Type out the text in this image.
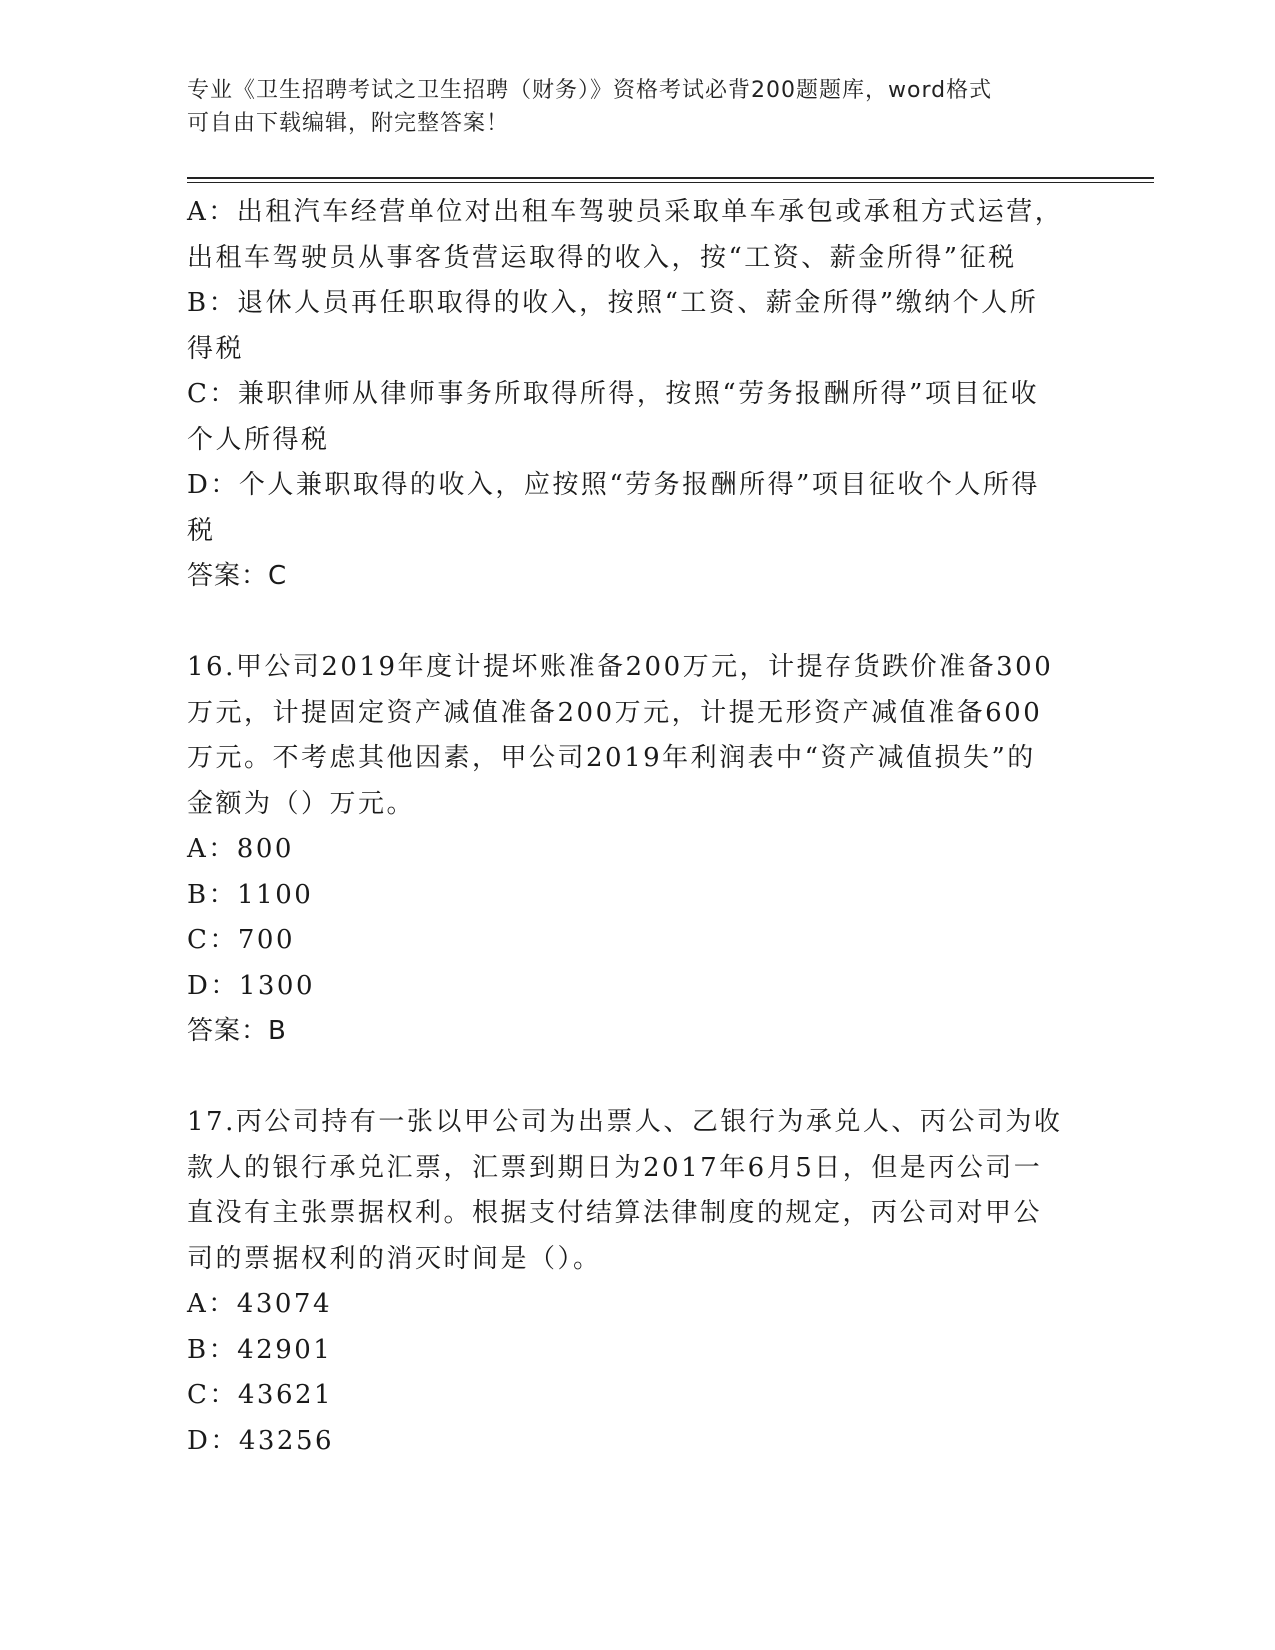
专业《卫生招聘考试之卫生招聘（财务）》资格考试必背200题题库，word格式
可自由下载编辑，附完整答案！
A：出租汽车经营单位对出租车驾驶员采取单车承包或承租方式运营，
出租车驾驶员从事客货营运取得的收入，按“工资、薪金所得”征税
B：退休人员再任职取得的收入，按照“工资、薪金所得”缴纳个人所
得税
C：兼职律师从律师事务所取得所得，按照“劳务报酬所得”项目征收
个人所得税
D：个人兼职取得的收入，应按照“劳务报酬所得”项目征收个人所得
税
答案：C
16.甲公司2019年度计提坏账准备200万元，计提存货跌价准备300
万元，计提固定资产减值准备200万元，计提无形资产减值准备600
万元。不考虑其他因素，甲公司2019年利润表中“资产减值损失”的
金额为（）万元。
A：800
B：1100
C：700
D：1300
答案：B
17.丙公司持有一张以甲公司为出票人、乙银行为承兑人、丙公司为收
款人的银行承兑汇票，汇票到期日为2017年6月5日，但是丙公司一
直没有主张票据权利。根据支付结算法律制度的规定，丙公司对甲公
司的票据权利的消灭时间是（）。
A：43074
B：42901
C：43621
D：43256
